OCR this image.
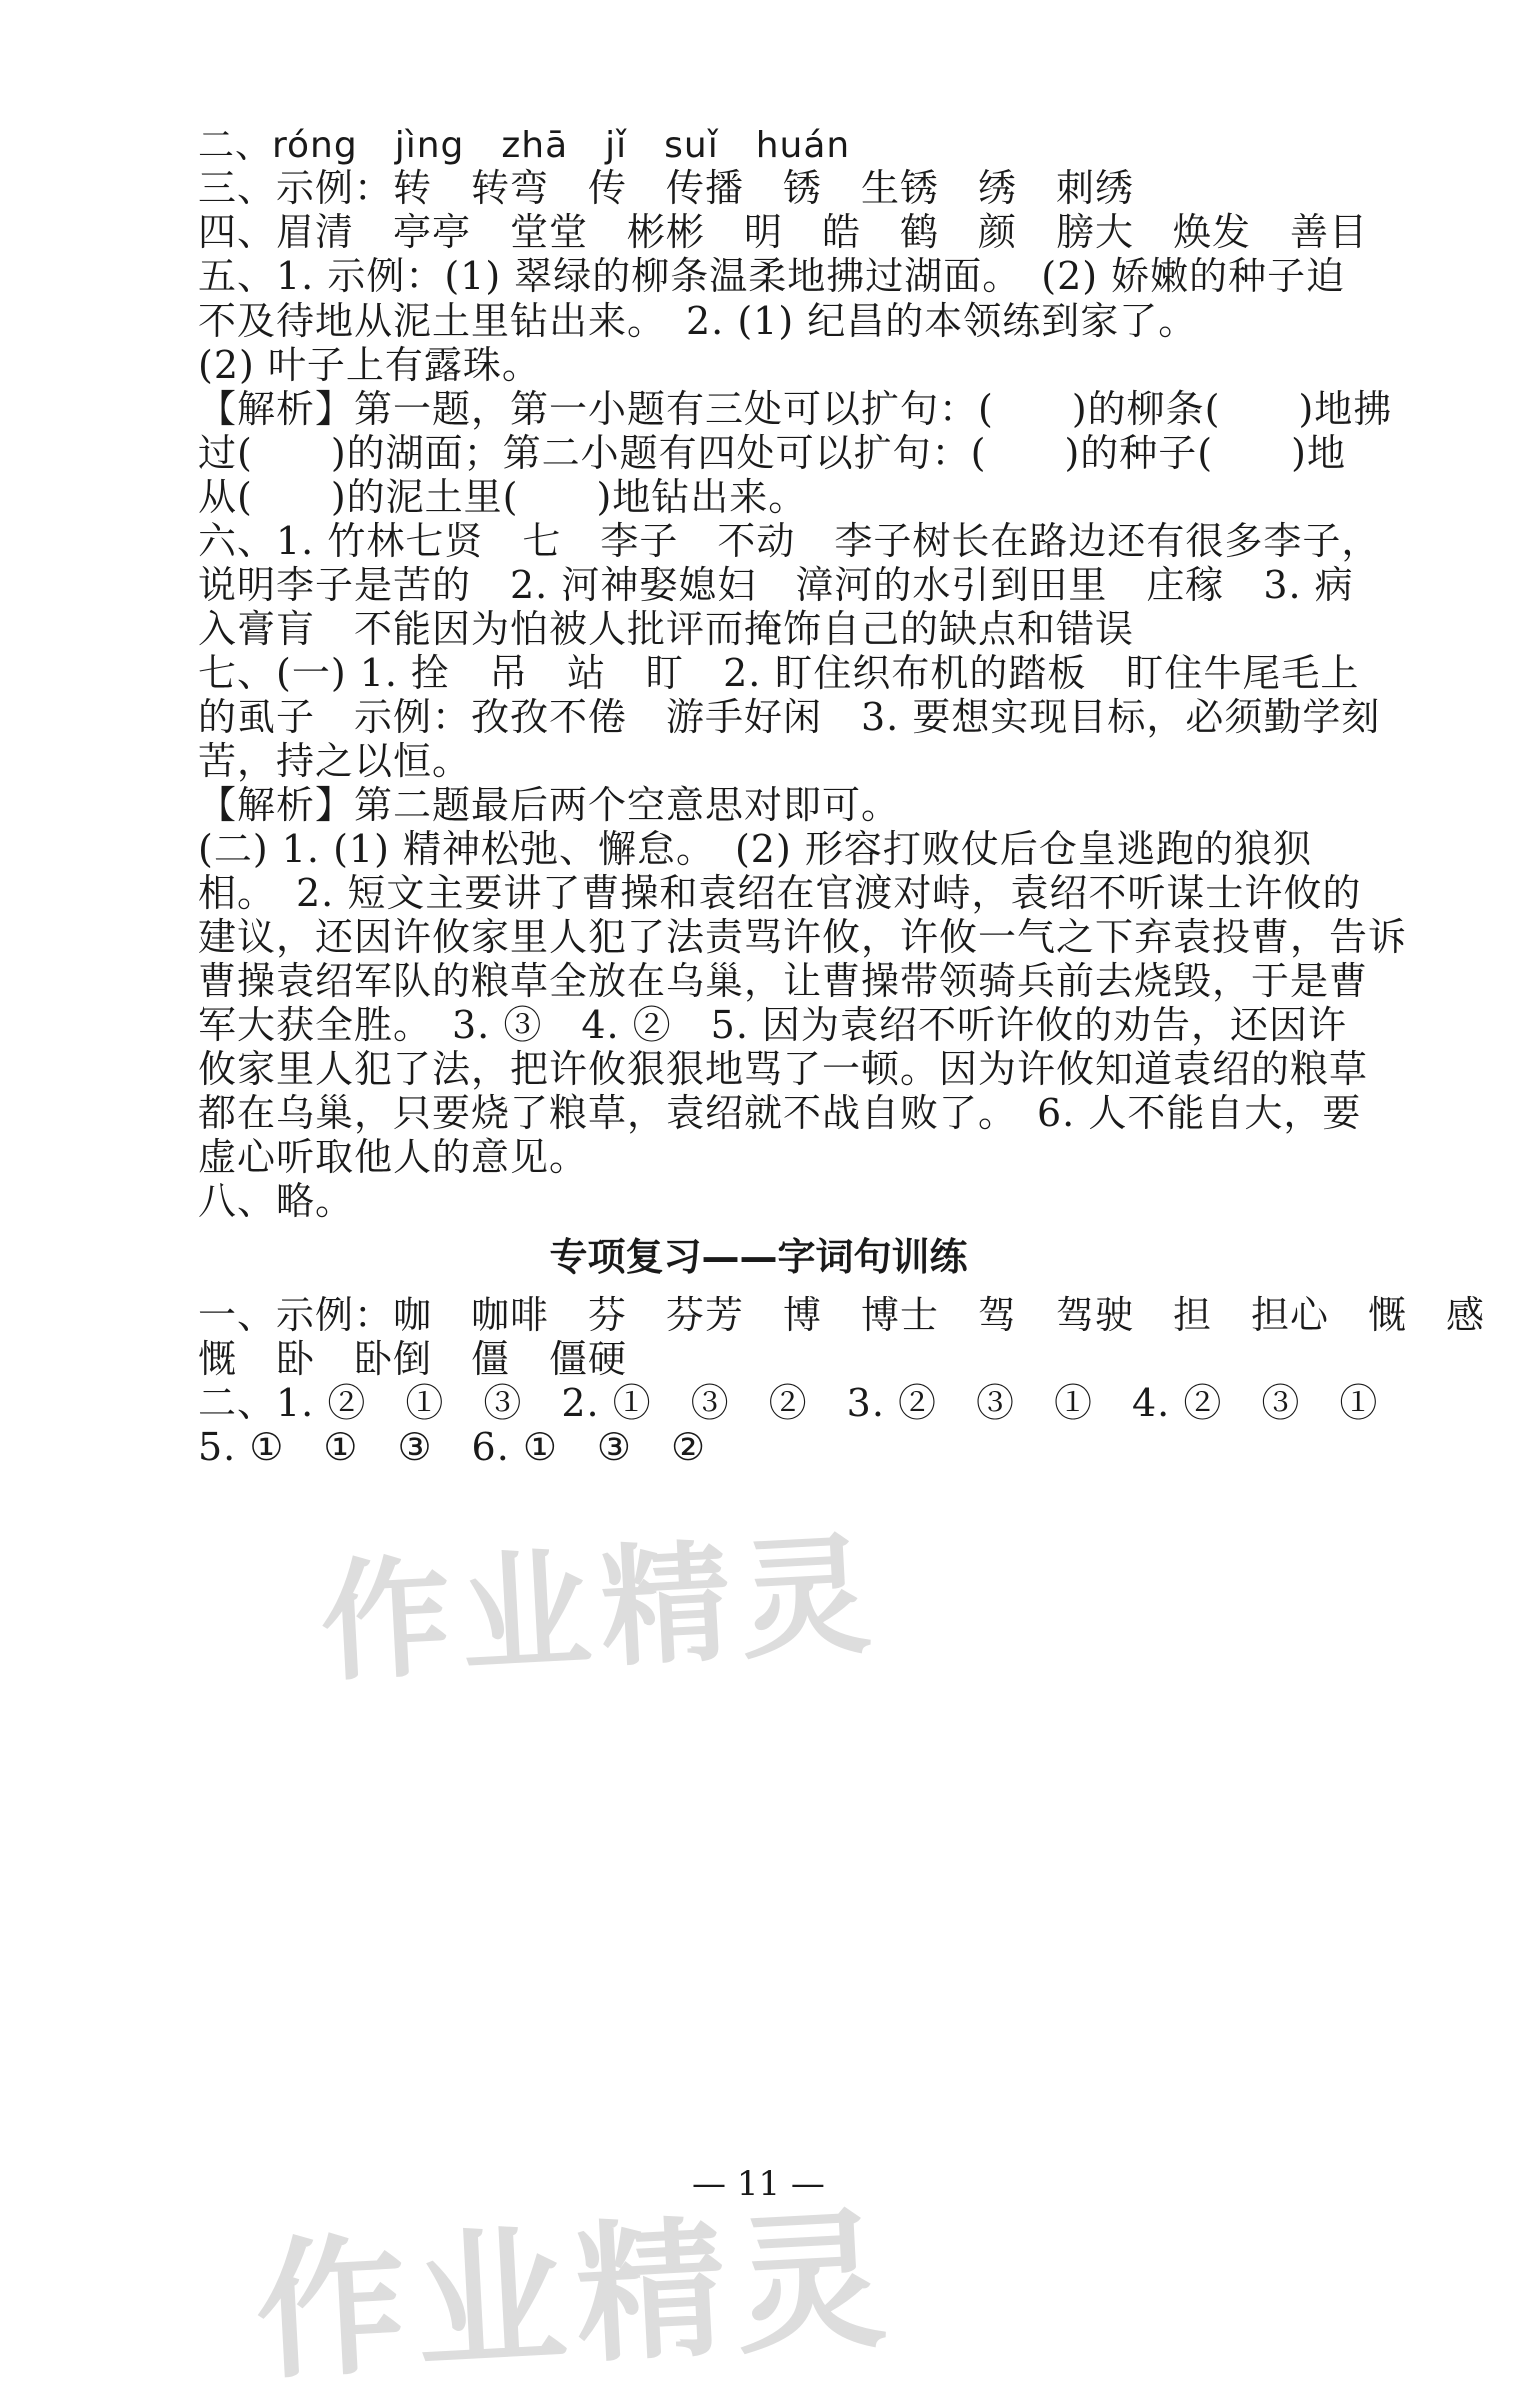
二、róng　jìng　zhā　jǐ　suǐ　huán
三、示例：转　转弯　传　传播　锈　生锈　绣　刺绣
四、眉清　亭亭　堂堂　彬彬　明　皓　鹤　颜　膀大　焕发　善目
五、1. 示例：(1) 翠绿的柳条温柔地拂过湖面。　(2) 娇嫩的种子迫
不及待地从泥土里钻出来。　2. (1) 纪昌的本领练到家了。
(2) 叶子上有露珠。
【解析】第一题，第一小题有三处可以扩句：(　　)的柳条(　　)地拂
过(　　)的湖面；第二小题有四处可以扩句：(　　)的种子(　　)地
从(　　)的泥土里(　　)地钻出来。
六、1. 竹林七贤　七　李子　不动　李子树长在路边还有很多李子，
说明李子是苦的　2. 河神娶媳妇　漳河的水引到田里　庄稼　3. 病
入膏肓　不能因为怕被人批评而掩饰自己的缺点和错误
七、(一) 1. 拴　吊　站　盯　2. 盯住织布机的踏板　盯住牛尾毛上
的虱子　示例：孜孜不倦　游手好闲　3. 要想实现目标，必须勤学刻
苦，持之以恒。
【解析】第二题最后两个空意思对即可。
(二) 1. (1) 精神松弛、懈怠。　(2) 形容打败仗后仓皇逃跑的狼狈
相。　2. 短文主要讲了曹操和袁绍在官渡对峙，袁绍不听谋士许攸的
建议，还因许攸家里人犯了法责骂许攸，许攸一气之下弃袁投曹，告诉
曹操袁绍军队的粮草全放在乌巢，让曹操带领骑兵前去烧毁，于是曹
军大获全胜。　3. ③　4. ②　5. 因为袁绍不听许攸的劝告，还因许
攸家里人犯了法，把许攸狠狠地骂了一顿。因为许攸知道袁绍的粮草
都在乌巢，只要烧了粮草，袁绍就不战自败了。　6. 人不能自大，要
虚心听取他人的意见。
八、略。
专项复习——字词句训练
一、示例：咖　咖啡　芬　芬芳　博　博士　驾　驾驶　担　担心　慨　感
慨　卧　卧倒　僵　僵硬
二、1. ②　①　③　2. ①　③　②　3. ②　③　①　4. ②　③　①
5. ①　①　③　6. ①　③　②
— 11 —
作业精灵
作业精灵
